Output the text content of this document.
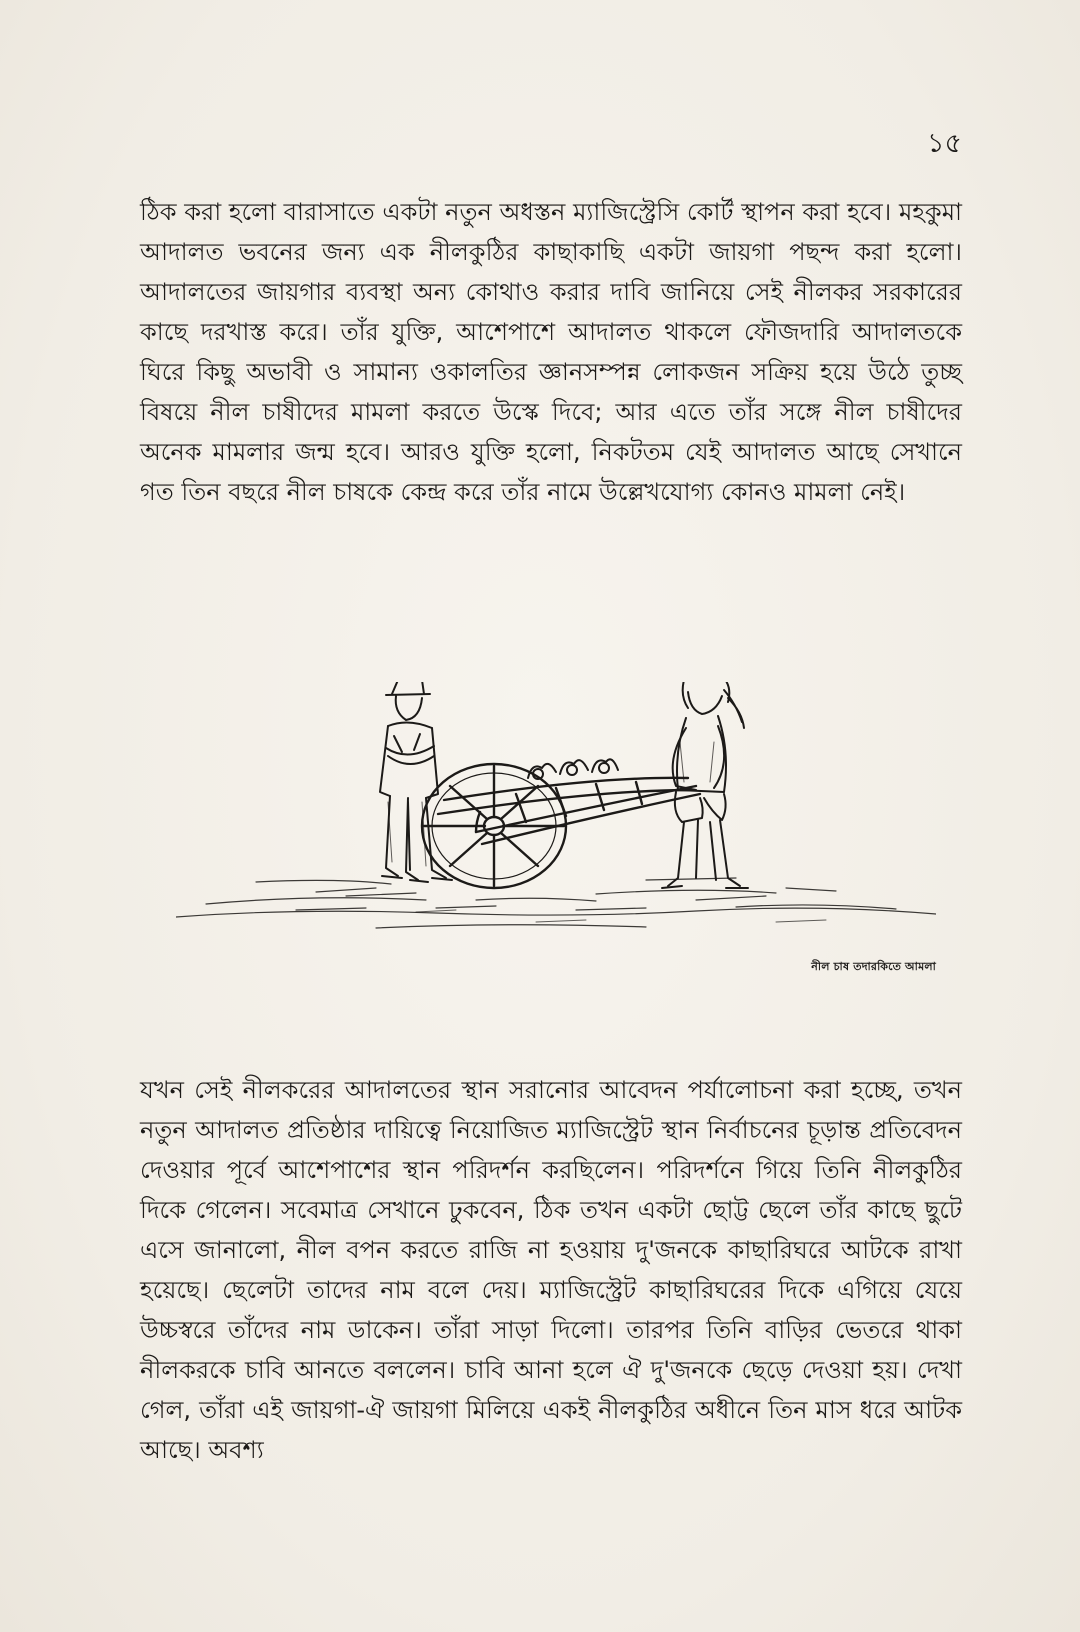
১৫

ঠিক করা হলো বারাসাতে একটা নতুন অধস্তন ম্যাজিস্ট্রেসি কোর্ট স্থাপন করা হবে। মহকুমা আদালত ভবনের জন্য এক নীলকুঠির কাছাকাছি একটা জায়গা পছন্দ করা হলো। আদালতের জায়গার ব্যবস্থা অন্য কোথাও করার দাবি জানিয়ে সেই নীলকর সরকারের কাছে দরখাস্ত করে। তাঁর যুক্তি, আশেপাশে আদালত থাকলে ফৌজদারি আদালতকে ঘিরে কিছু অভাবী ও সামান্য ওকালতির জ্ঞানসম্পন্ন লোকজন সক্রিয় হয়ে উঠে তুচ্ছ বিষয়ে নীল চাষীদের মামলা করতে উস্কে দিবে; আর এতে তাঁর সঙ্গে নীল চাষীদের অনেক মামলার জন্ম হবে। আরও যুক্তি হলো, নিকটতম যেই আদালত আছে সেখানে গত তিন বছরে নীল চাষকে কেন্দ্র করে তাঁর নামে উল্লেখযোগ্য কোনও মামলা নেই।

নীল চাষ তদারকিতে আমলা

যখন সেই নীলকরের আদালতের স্থান সরানোর আবেদন পর্যালোচনা করা হচ্ছে, তখন নতুন আদালত প্রতিষ্ঠার দায়িত্বে নিয়োজিত ম্যাজিস্ট্রেট স্থান নির্বাচনের চূড়ান্ত প্রতিবেদন দেওয়ার পূর্বে আশেপাশের স্থান পরিদর্শন করছিলেন। পরিদর্শনে গিয়ে তিনি নীলকুঠির দিকে গেলেন। সবেমাত্র সেখানে ঢুকবেন, ঠিক তখন একটা ছোট্ট ছেলে তাঁর কাছে ছুটে এসে জানালো, নীল বপন করতে রাজি না হওয়ায় দু'জনকে কাছারিঘরে আটকে রাখা হয়েছে। ছেলেটা তাদের নাম বলে দেয়। ম্যাজিস্ট্রেট কাছারিঘরের দিকে এগিয়ে যেয়ে উচ্চস্বরে তাঁদের নাম ডাকেন। তাঁরা সাড়া দিলো। তারপর তিনি বাড়ির ভেতরে থাকা নীলকরকে চাবি আনতে বললেন। চাবি আনা হলে ঐ দু'জনকে ছেড়ে দেওয়া হয়। দেখা গেল, তাঁরা এই জায়গা-ঐ জায়গা মিলিয়ে একই নীলকুঠির অধীনে তিন মাস ধরে আটক আছে। অবশ্য
